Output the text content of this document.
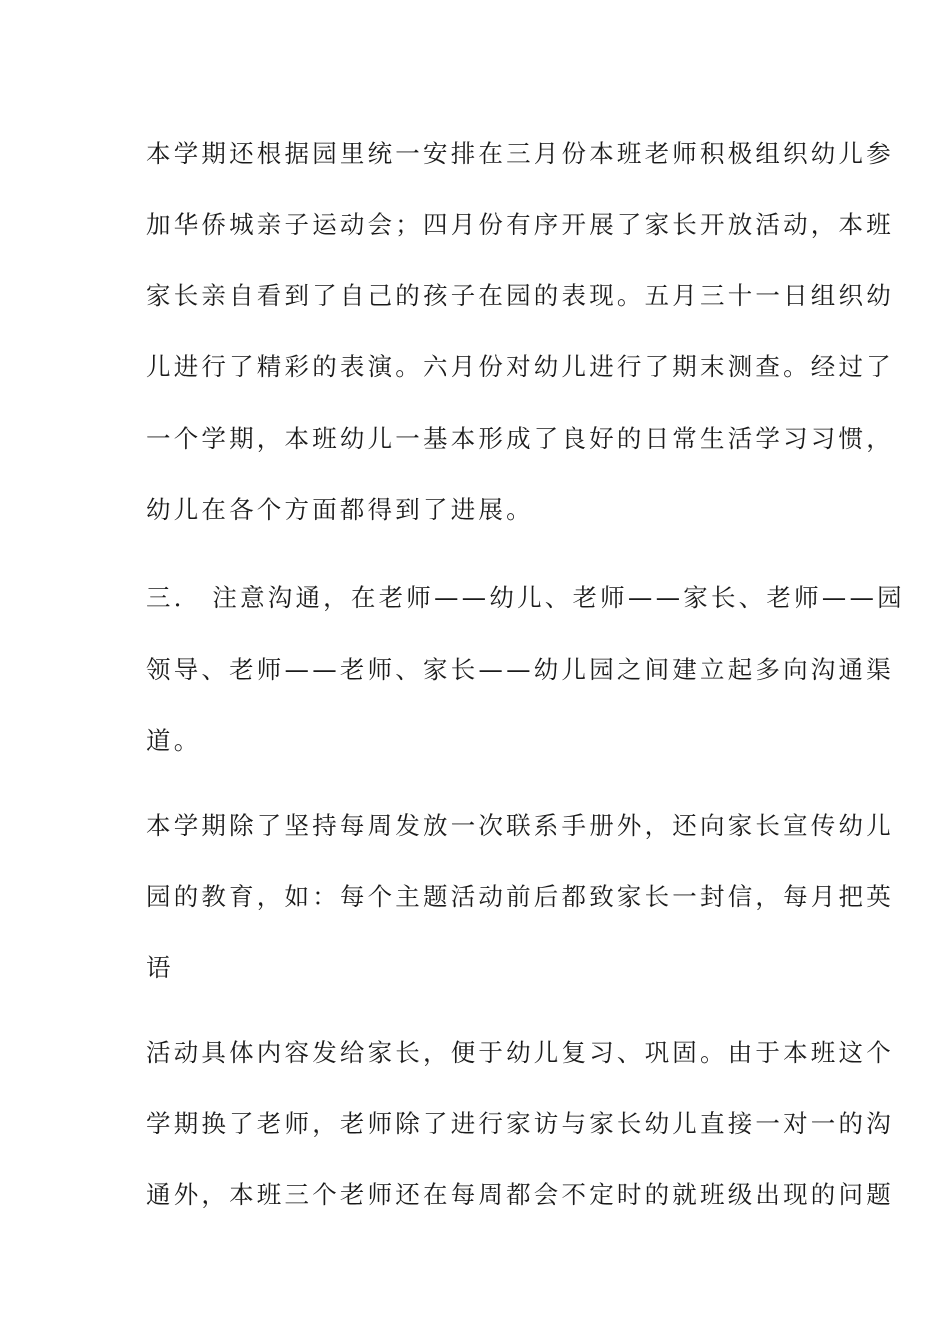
本学期还根据园里统一安排在三月份本班老师积极组织幼儿参
加华侨城亲子运动会；四月份有序开展了家长开放活动，本班
家长亲自看到了自己的孩子在园的表现。五月三十一日组织幼
儿进行了精彩的表演。六月份对幼儿进行了期末测查。经过了
一个学期，本班幼儿一基本形成了良好的日常生活学习习惯，
幼儿在各个方面都得到了进展。
三． 注意沟通，在老师——幼儿、老师——家长、老师——园
领导、老师——老师、家长——幼儿园之间建立起多向沟通渠
道。
本学期除了坚持每周发放一次联系手册外，还向家长宣传幼儿
园的教育，如：每个主题活动前后都致家长一封信，每月把英
语
活动具体内容发给家长，便于幼儿复习、巩固。由于本班这个
学期换了老师，老师除了进行家访与家长幼儿直接一对一的沟
通外，本班三个老师还在每周都会不定时的就班级出现的问题
